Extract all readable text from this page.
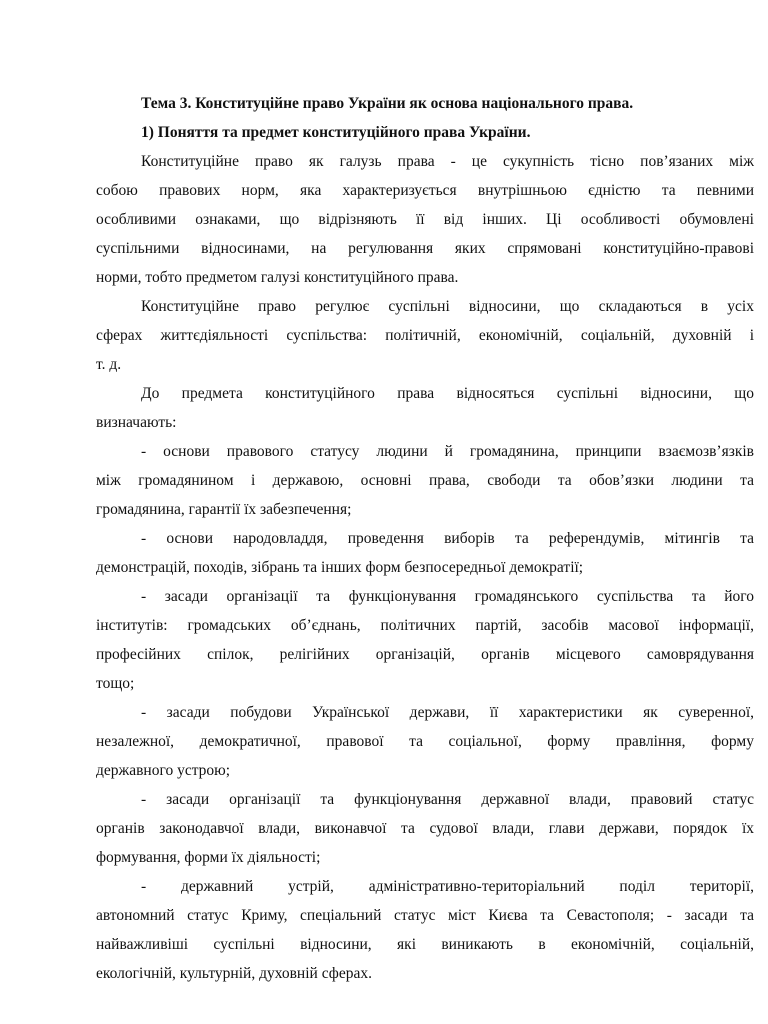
Тема 3. Конституційне право України як основа національного права.
1) Поняття та предмет конституційного права України.
Конституційне право як галузь права - це сукупність тісно пов’язаних між
собою правових норм, яка характеризується внутрішньою єдністю та певними
особливими ознаками, що відрізняють її від інших. Ці особливості обумовлені
суспільними відносинами, на регулювання яких спрямовані конституційно-правові
норми, тобто предметом галузі конституційного права.
Конституційне право регулює суспільні відносини, що складаються в усіх
сферах життєдіяльності суспільства: політичній, економічній, соціальній, духовній і
т. д.
До предмета конституційного права відносяться суспільні відносини, що
визначають:
- основи правового статусу людини й громадянина, принципи взаємозв’язків
між громадянином і державою, основні права, свободи та обов’язки людини та
громадянина, гарантії їх забезпечення;
- основи народовладдя, проведення виборів та референдумів, мітингів та
демонстрацій, походів, зібрань та інших форм безпосередньої демократії;
- засади організації та функціонування громадянського суспільства та його
інститутів: громадських об’єднань, політичних партій, засобів масової інформації,
професійних спілок, релігійних організацій, органів місцевого самоврядування
тощо;
- засади побудови Української держави, її характеристики як суверенної,
незалежної, демократичної, правової та соціальної, форму правління, форму
державного устрою;
- засади організації та функціонування державної влади, правовий статус
органів законодавчої влади, виконавчої та судової влади, глави держави, порядок їх
формування, форми їх діяльності;
- державний устрій, адміністративно-територіальний поділ території,
автономний статус Криму, спеціальний статус міст Києва та Севастополя; - засади та
найважливіші суспільні відносини, які виникають в економічній, соціальній,
екологічній, культурній, духовній сферах.
